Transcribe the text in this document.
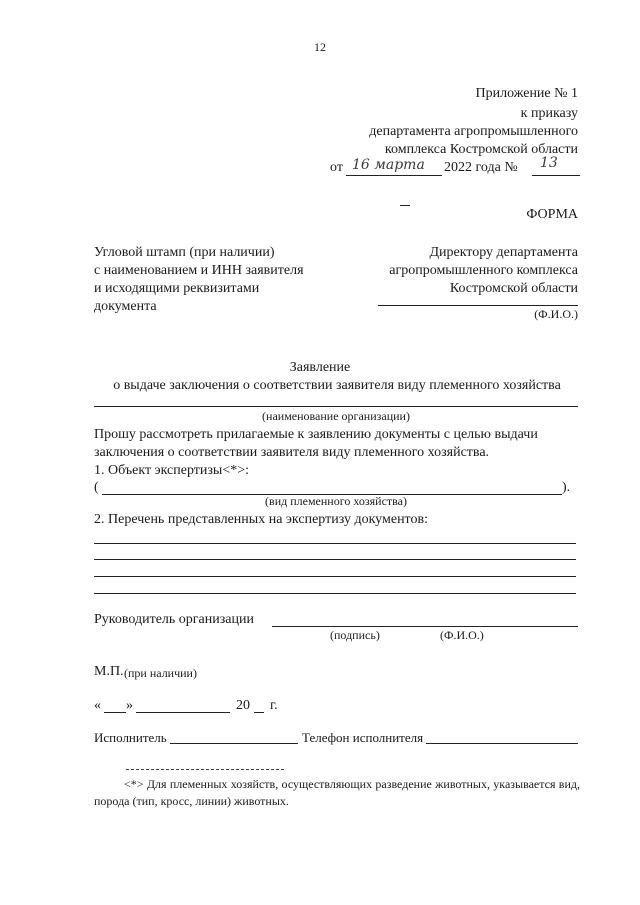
12
Приложение № 1
к приказу
департамента агропромышленного
комплекса Костромской области
от 16 марта 2022 года № 13
ФОРМА
Угловой штамп (при наличии)
с наименованием и ИНН заявителя
и исходящими реквизитами
документа
Директору департамента
агропромышленного комплекса
Костромской области
(Ф.И.О.)
Заявление
о выдаче заключения о соответствии заявителя виду племенного хозяйства
(наименование организации)
Прошу рассмотреть прилагаемые к заявлению документы с целью выдачи
заключения о соответствии заявителя виду племенного хозяйства.
1. Объект экспертизы<*>:
(	).
(вид племенного хозяйства)
2. Перечень представленных на экспертизу документов:
Руководитель организации
(подпись)	(Ф.И.О.)
М.П. (при наличии)
« »	20 г.
Исполнитель	Телефон исполнителя
<*> Для племенных хозяйств, осуществляющих разведение животных, указывается вид, порода (тип, кросс, линии) животных.
